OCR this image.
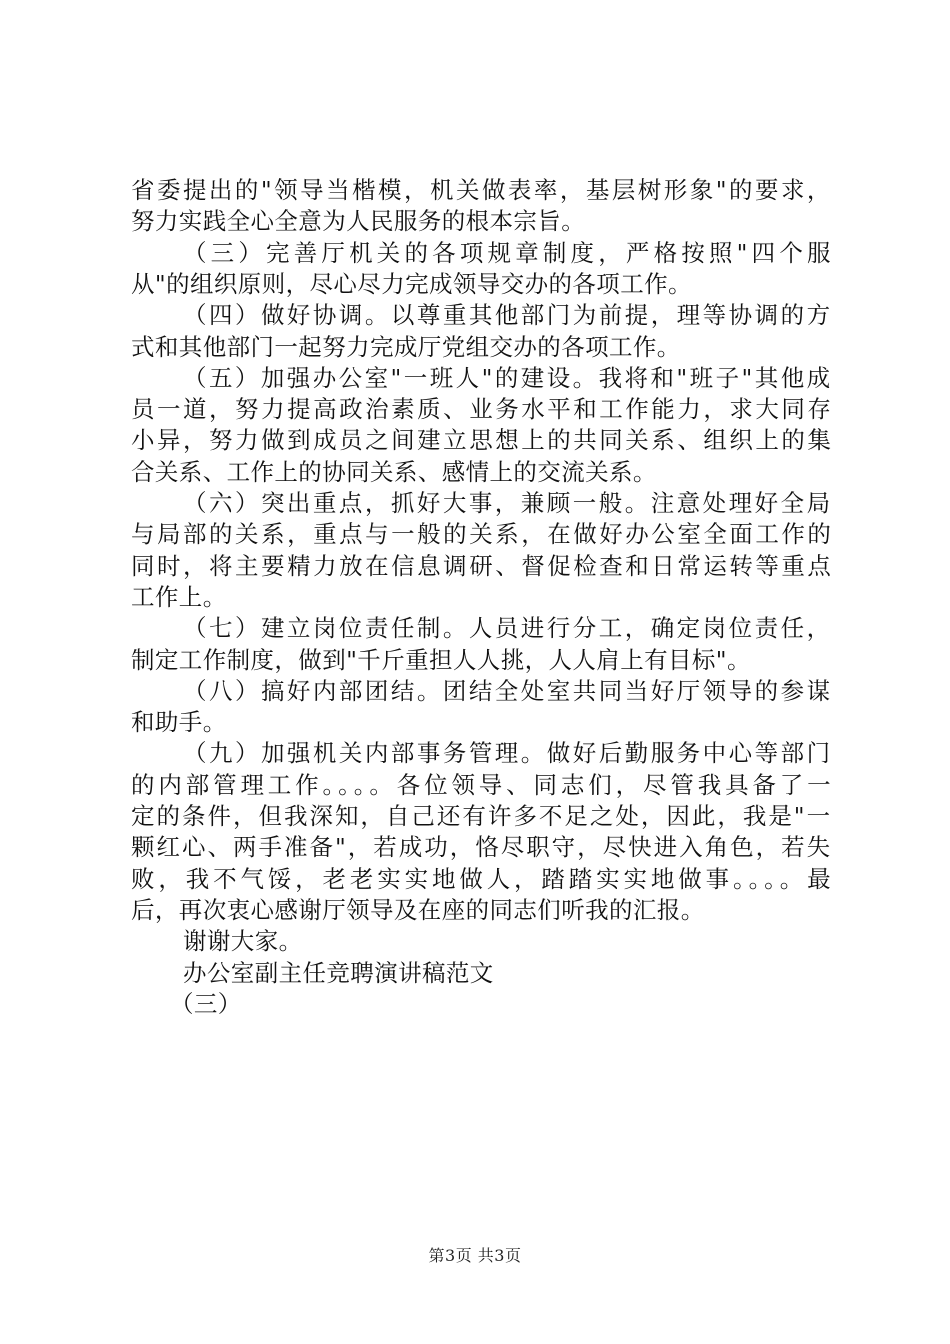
省委提出的"领导当楷模，机关做表率，基层树形象"的要求，
努力实践全心全意为人民服务的根本宗旨。
（三）完善厅机关的各项规章制度，严格按照"四个服
从"的组织原则，尽心尽力完成领导交办的各项工作。
（四）做好协调。以尊重其他部门为前提，理等协调的方
式和其他部门一起努力完成厅党组交办的各项工作。
（五）加强办公室"一班人"的建设。我将和"班子"其他成
员一道，努力提高政治素质、业务水平和工作能力，求大同存
小异，努力做到成员之间建立思想上的共同关系、组织上的集
合关系、工作上的协同关系、感情上的交流关系。
（六）突出重点，抓好大事，兼顾一般。注意处理好全局
与局部的关系，重点与一般的关系，在做好办公室全面工作的
同时，将主要精力放在信息调研、督促检查和日常运转等重点
工作上。
（七）建立岗位责任制。人员进行分工，确定岗位责任，
制定工作制度，做到"千斤重担人人挑，人人肩上有目标"。
（八）搞好内部团结。团结全处室共同当好厅领导的参谋
和助手。
（九）加强机关内部事务管理。做好后勤服务中心等部门
的内部管理工作。。。。各位领导、同志们，尽管我具备了一
定的条件，但我深知，自己还有许多不足之处，因此，我是"一
颗红心、两手准备"，若成功，恪尽职守，尽快进入角色，若失
败，我不气馁，老老实实地做人，踏踏实实地做事。。。。最
后，再次衷心感谢厅领导及在座的同志们听我的汇报。
谢谢大家。
办公室副主任竞聘演讲稿范文
（三）
第3页 共3页
